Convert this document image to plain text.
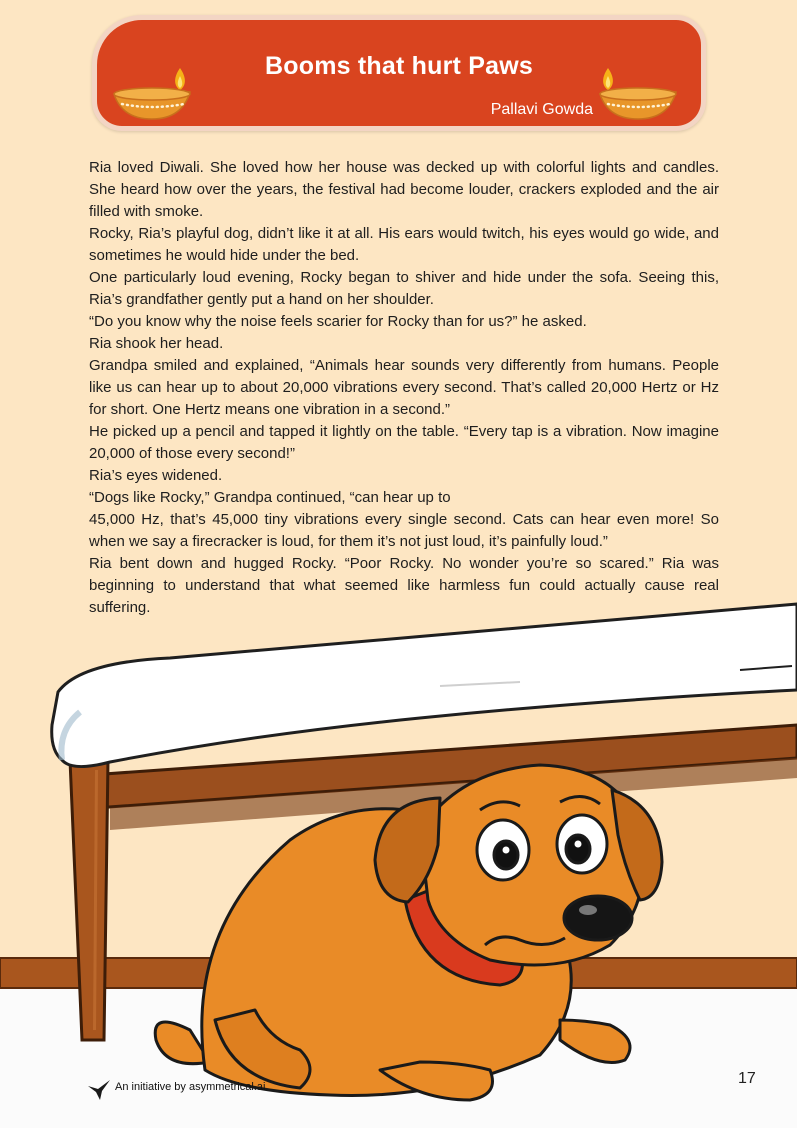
Booms that hurt Paws
Pallavi Gowda

Ria loved Diwali. She loved how her house was decked up with colorful lights and candles. She heard how over the years, the festival had become louder, crackers exploded and the air filled with smoke.

Rocky, Ria’s playful dog, didn’t like it at all. His ears would twitch, his eyes would go wide, and sometimes he would hide under the bed.

One particularly loud evening, Rocky began to shiver and hide under the sofa. Seeing this, Ria’s grandfather gently put a hand on her shoulder.

“Do you know why the noise feels scarier for Rocky than for us?” he asked.

Ria shook her head.

Grandpa smiled and explained, “Animals hear sounds very differently from humans. People like us can hear up to about 20,000 vibrations every second. That’s called 20,000 Hertz or Hz for short. One Hertz means one vibration in a second.”

He picked up a pencil and tapped it lightly on the table. “Every tap is a vibration. Now imagine 20,000 of those every second!”

Ria’s eyes widened.

“Dogs like Rocky,” Grandpa continued, “can hear up to

45,000 Hz, that’s 45,000 tiny vibrations every single second. Cats can hear even more! So when we say a firecracker is loud, for them it’s not just loud, it’s painfully loud.”

Ria bent down and hugged Rocky. “Poor Rocky. No wonder you’re so scared.” Ria was beginning to understand that what seemed like harmless fun could actually cause real suffering.

An initiative by asymmetrical.ai	17
